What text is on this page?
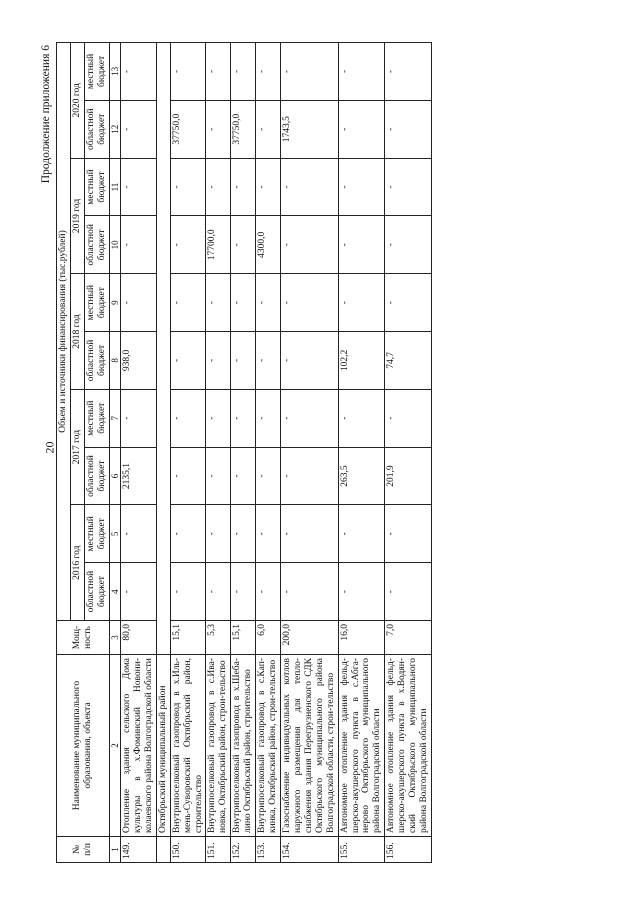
20
Продолжение приложения 6
№ п/п	Наименование муниципального образования, объекта	Мощ-ность	Объем и источники финансирования (тыс.рублей)									
			2016 год		2017 год		2018 год		2019 год		2020 год	
			областной бюджет	местный бюджет	областной бюджет	местный бюджет	областной бюджет	местный бюджет	областной бюджет	местный бюджет	областной бюджет	местный бюджет
1	2	3	4	5	6	7	8	9	10	11	12	13
149.	Отопление здания сельского Дома культуры в х.Фоминский Новони-колаевского района Волгоградской области	80,0	-	-	2135,1	-	938,0	-	-	-	-	-
	Октябрьский муниципальный район											
150.	Внутрипоселковый газопровод в х.Иль-мень-Суворовский Октябрьский район, строительство	15,1	-	-	-	-	-	-	-	-	37750,0	-
151.	Внутрипоселковый газопровод в с.Ива-новка, Октябрьский район, строи-тельство	5,3	-	-	-	-	-	-	17700,0	-	-	-
152.	Внутрипоселковый газопровод в х.Шеба-лино Октябрьский район, строительство	15,1	-	-	-	-	-	-	-	-	37750,0	-
153.	Внутрипоселковый газопровод в с.Кап-кинка, Октябрьский район, строи-тельство	6,0	-	-	-	-	-	-	4300,0	-	-	-
154.	Газоснабжение индивидуальных котлов наружного размещения для тепло-снабжения здания Перегрузненского СДК Октябрьского муниципального района Волгоградской области, строи-тельство	200,0	-	-	-	-	-	-	-	-	1743,5	-
155.	Автономное отопление здания фельд-шерско-акушерского пункта в с.Абга-нерово Октябрьского муниципального района Волгоградской области	16,0	-	-	263,5	-	102,2	-	-	-	-	-
156.	Автономное отопление здания фельд-шерско-акушерского пункта в х.Водян-ский Октябрьского муниципального района Волгоградской области	7,0	-	-	201,9	-	74,7	-	-	-	-	-
